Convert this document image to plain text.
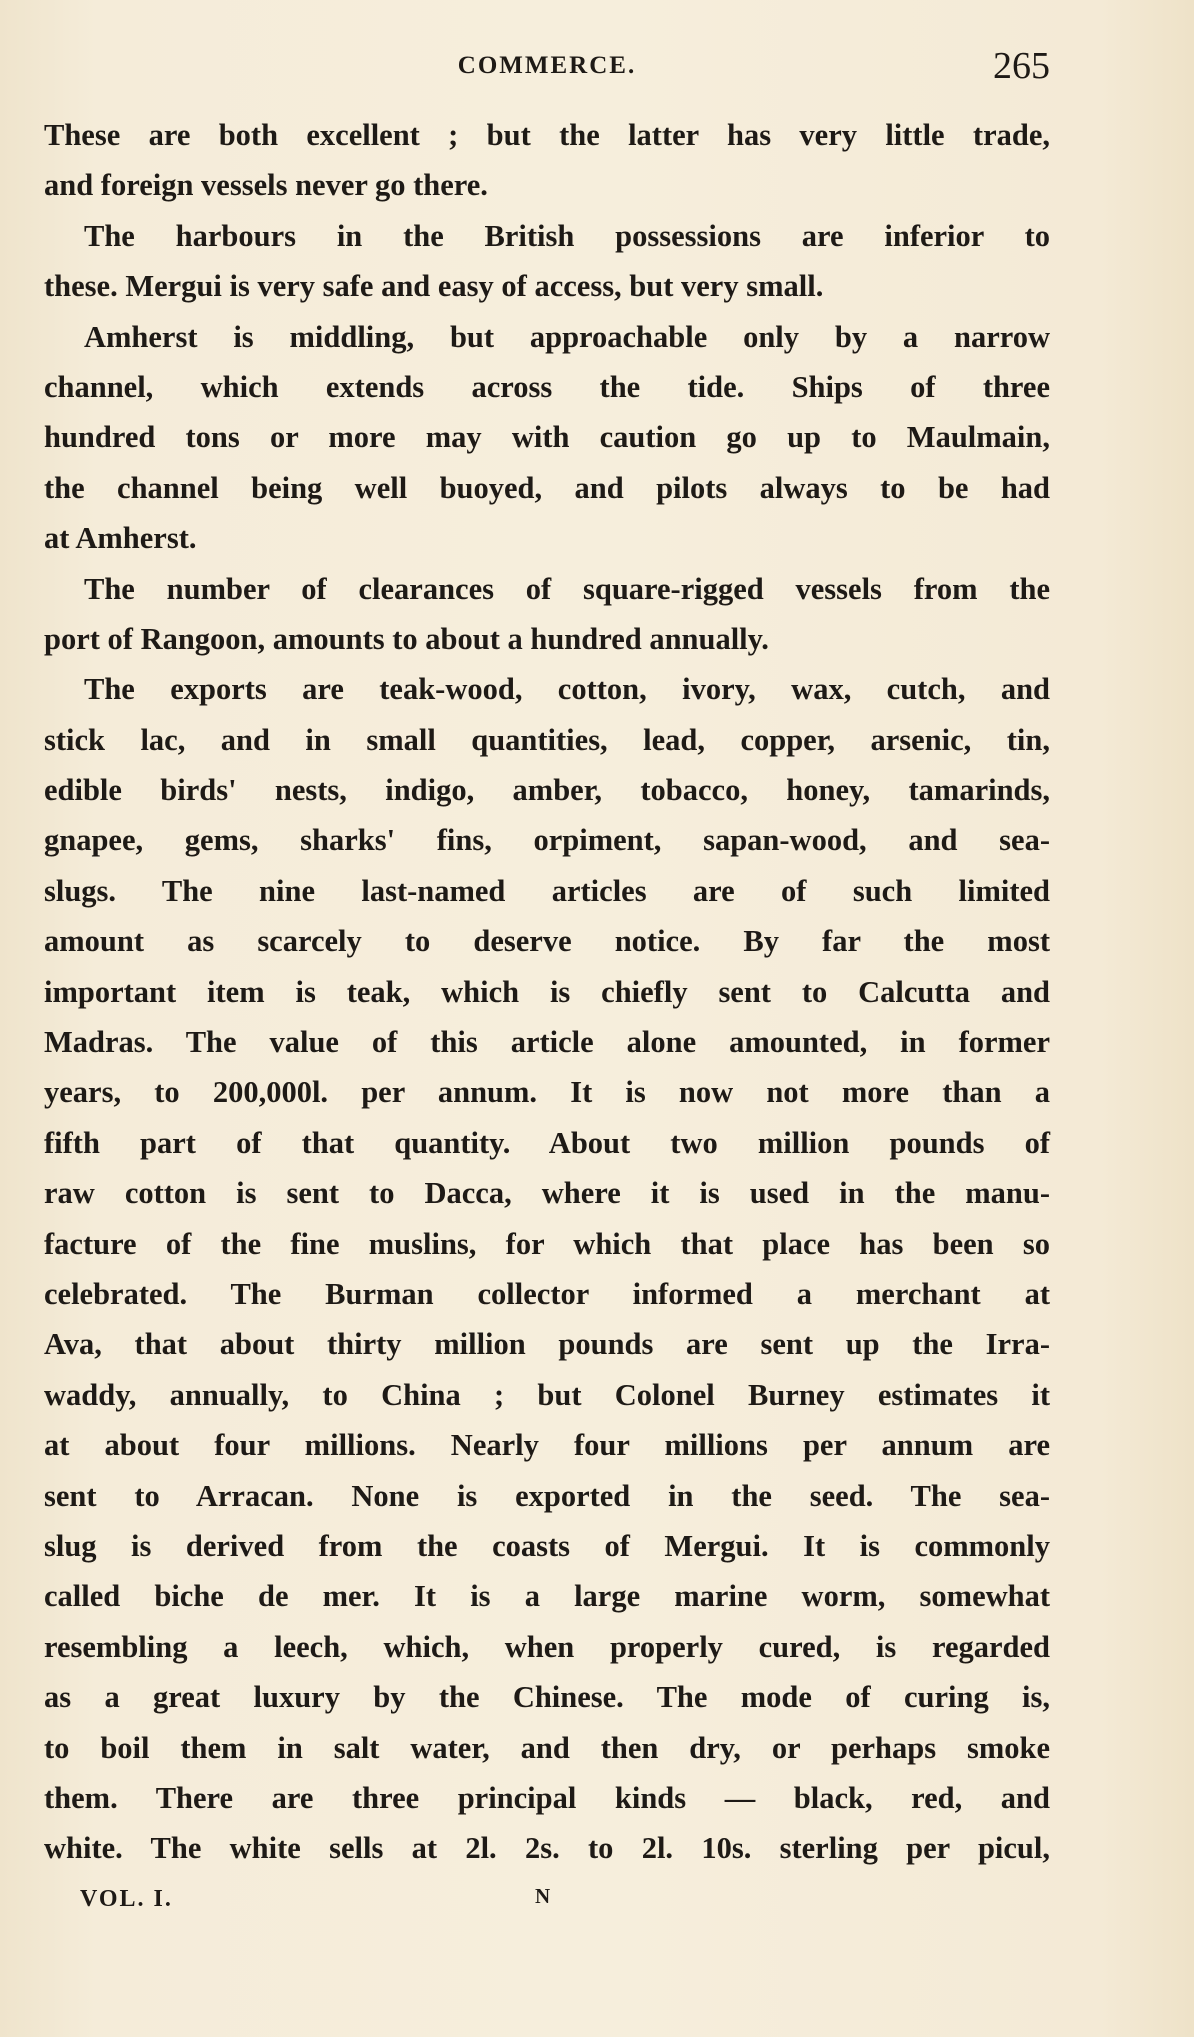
COMMERCE.	265
These are both excellent ; but the latter has very little trade,
and foreign vessels never go there.
The harbours in the British possessions are inferior to
these. Mergui is very safe and easy of access, but very small.
Amherst is middling, but approachable only by a narrow
channel, which extends across the tide. Ships of three
hundred tons or more may with caution go up to Maulmain,
the channel being well buoyed, and pilots always to be had
at Amherst.
The number of clearances of square-rigged vessels from the
port of Rangoon, amounts to about a hundred annually.
The exports are teak-wood, cotton, ivory, wax, cutch, and
stick lac, and in small quantities, lead, copper, arsenic, tin,
edible birds' nests, indigo, amber, tobacco, honey, tamarinds,
gnapee, gems, sharks' fins, orpiment, sapan-wood, and sea-
slugs. The nine last-named articles are of such limited
amount as scarcely to deserve notice. By far the most
important item is teak, which is chiefly sent to Calcutta and
Madras. The value of this article alone amounted, in former
years, to 200,000l. per annum. It is now not more than a
fifth part of that quantity. About two million pounds of
raw cotton is sent to Dacca, where it is used in the manu-
facture of the fine muslins, for which that place has been so
celebrated. The Burman collector informed a merchant at
Ava, that about thirty million pounds are sent up the Irra-
waddy, annually, to China ; but Colonel Burney estimates it
at about four millions. Nearly four millions per annum are
sent to Arracan. None is exported in the seed. The sea-
slug is derived from the coasts of Mergui. It is commonly
called biche de mer. It is a large marine worm, somewhat
resembling a leech, which, when properly cured, is regarded
as a great luxury by the Chinese. The mode of curing is,
to boil them in salt water, and then dry, or perhaps smoke
them. There are three principal kinds — black, red, and
white. The white sells at 2l. 2s. to 2l. 10s. sterling per picul,
VOL. I.	N
